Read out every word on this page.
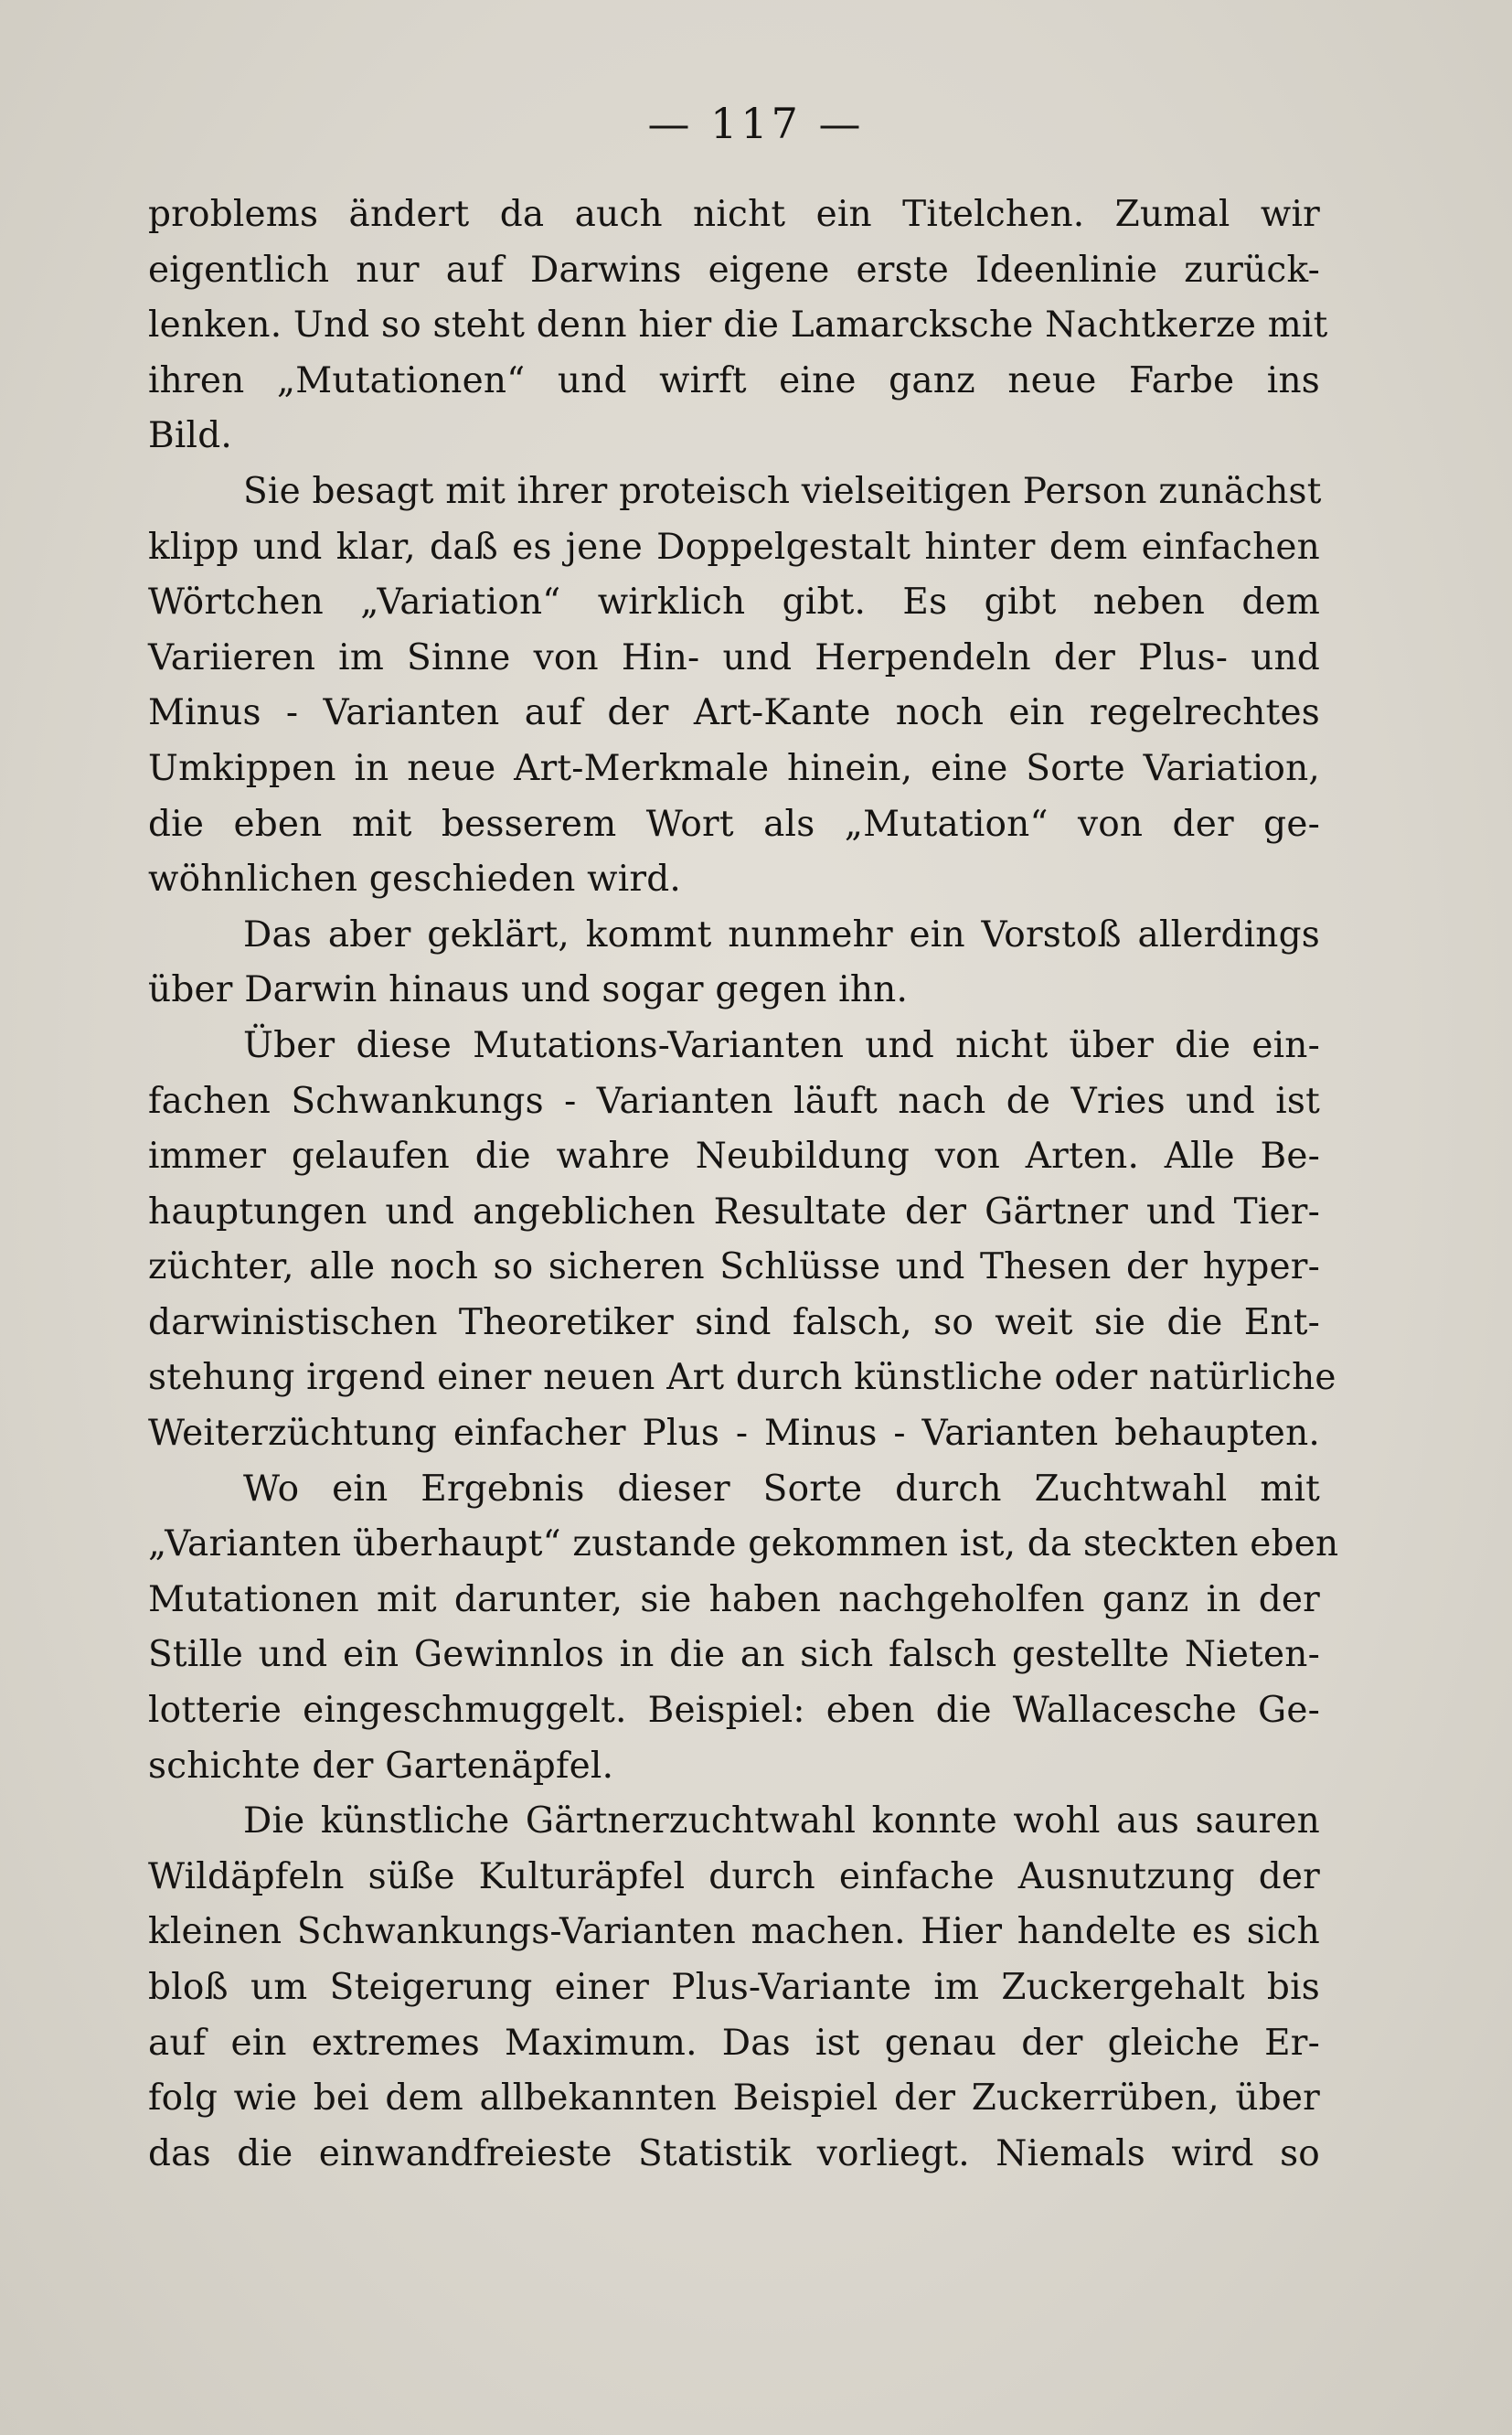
— 117 —
problems ändert da auch nicht ein Titelchen. Zumal wir
eigentlich nur auf Darwins eigene erste Ideenlinie zurück-
lenken. Und so steht denn hier die Lamarcksche Nachtkerze mit
ihren „Mutationen“ und wirft eine ganz neue Farbe ins
Bild.
Sie besagt mit ihrer proteisch vielseitigen Person zunächst
klipp und klar, daß es jene Doppelgestalt hinter dem einfachen
Wörtchen „Variation“ wirklich gibt. Es gibt neben dem
Variieren im Sinne von Hin- und Herpendeln der Plus- und
Minus - Varianten auf der Art-Kante noch ein regelrechtes
Umkippen in neue Art-Merkmale hinein, eine Sorte Variation,
die eben mit besserem Wort als „Mutation“ von der ge-
wöhnlichen geschieden wird.
Das aber geklärt, kommt nunmehr ein Vorstoß allerdings
über Darwin hinaus und sogar gegen ihn.
Über diese Mutations-Varianten und nicht über die ein-
fachen Schwankungs - Varianten läuft nach de Vries und ist
immer gelaufen die wahre Neubildung von Arten. Alle Be-
hauptungen und angeblichen Resultate der Gärtner und Tier-
züchter, alle noch so sicheren Schlüsse und Thesen der hyper-
darwinistischen Theoretiker sind falsch, so weit sie die Ent-
stehung irgend einer neuen Art durch künstliche oder natürliche
Weiterzüchtung einfacher Plus - Minus - Varianten behaupten.
Wo ein Ergebnis dieser Sorte durch Zuchtwahl mit
„Varianten überhaupt“ zustande gekommen ist, da steckten eben
Mutationen mit darunter, sie haben nachgeholfen ganz in der
Stille und ein Gewinnlos in die an sich falsch gestellte Nieten-
lotterie eingeschmuggelt. Beispiel: eben die Wallacesche Ge-
schichte der Gartenäpfel.
Die künstliche Gärtnerzuchtwahl konnte wohl aus sauren
Wildäpfeln süße Kulturäpfel durch einfache Ausnutzung der
kleinen Schwankungs-Varianten machen. Hier handelte es sich
bloß um Steigerung einer Plus-Variante im Zuckergehalt bis
auf ein extremes Maximum. Das ist genau der gleiche Er-
folg wie bei dem allbekannten Beispiel der Zuckerrüben, über
das die einwandfreieste Statistik vorliegt. Niemals wird so
